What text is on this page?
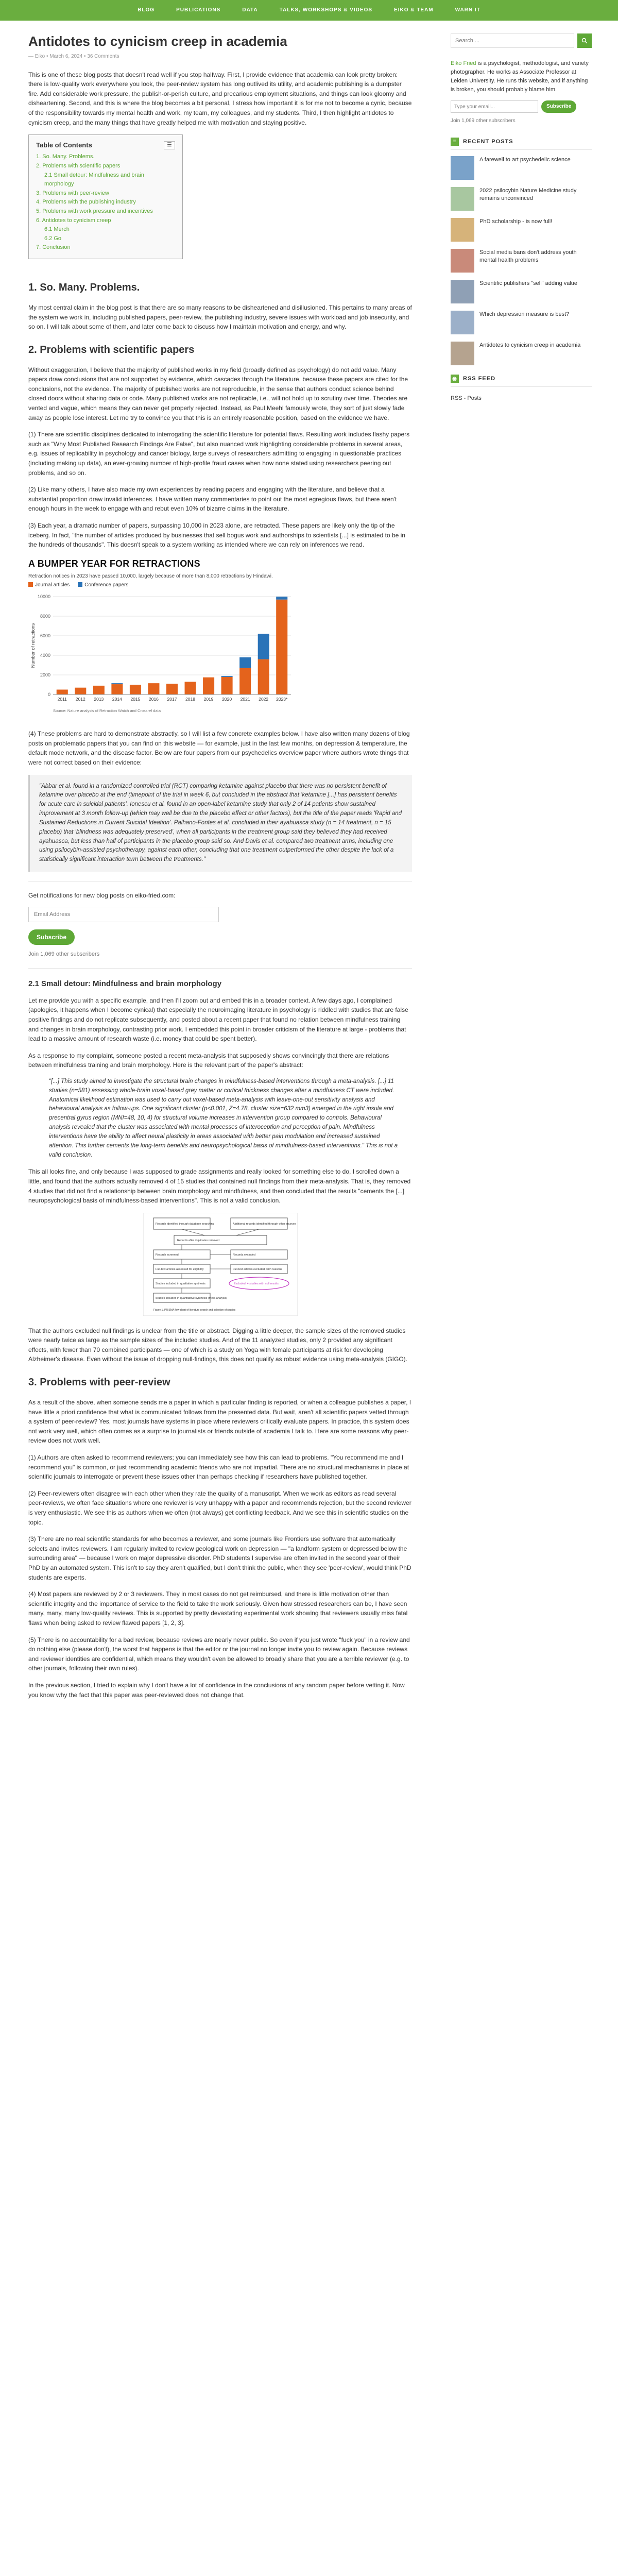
BLOG	PUBLICATIONS	DATA	TALKS, WORKSHOPS & VIDEOS	EIKO & TEAM	WARN IT
Antidotes to cynicism creep in academia
— Eiko • March 6, 2024 • 36 Comments

This is one of these blog posts that doesn't read well if you stop halfway. First, I provide evidence that academia can look pretty broken: there is low-quality work everywhere you look, the peer-review system has long outlived its utility, and academic publishing is a dumpster fire. Add considerable work pressure, the publish-or-perish culture, and precarious employment situations, and things can look gloomy and disheartening. Second, and this is where the blog becomes a bit personal, I stress how important it is for me not to become a cynic, because of the responsibility towards my mental health and work, my team, my colleagues, and my students. Third, I then highlight antidotes to cynicism creep, and the many things that have greatly helped me with motivation and staying positive.

Table of Contents	☰
1. So. Many. Problems.
2. Problems with scientific papers
2.1 Small detour: Mindfulness and brain morphology
3. Problems with peer-review
4. Problems with the publishing industry
5. Problems with work pressure and incentives
6. Antidotes to cynicism creep
6.1 Merch
6.2 Go
7. Conclusion
1. So. Many. Problems.

My most central claim in the blog post is that there are so many reasons to be disheartened and disillusioned. This pertains to many areas of the system we work in, including published papers, peer-review, the publishing industry, severe issues with workload and job insecurity, and so on. I will talk about some of them, and later come back to discuss how I maintain motivation and energy, and why.

2. Problems with scientific papers

Without exaggeration, I believe that the majority of published works in my field (broadly defined as psychology) do not add value. Many papers draw conclusions that are not supported by evidence, which cascades through the literature, because these papers are cited for the conclusions, not the evidence. The majority of published works are not reproducible, in the sense that authors conduct science behind closed doors without sharing data or code. Many published works are not replicable, i.e., will not hold up to scrutiny over time. Theories are vented and vague, which means they can never get properly rejected. Instead, as Paul Meehl famously wrote, they sort of just slowly fade away as people lose interest. Let me try to convince you that this is an entirely reasonable position, based on the evidence we have.

(1) There are scientific disciplines dedicated to interrogating the scientific literature for potential flaws. Resulting work includes flashy papers such as "Why Most Published Research Findings Are False", but also nuanced work highlighting considerable problems in several areas, e.g. issues of replicability in psychology and cancer biology, large surveys of researchers admitting to engaging in questionable practices (including making up data), an ever-growing number of high-profile fraud cases when how none stated using researchers peering out problems, and so on.

(2) Like many others, I have also made my own experiences by reading papers and engaging with the literature, and believe that a substantial proportion draw invalid inferences. I have written many commentaries to point out the most egregious flaws, but there aren't enough hours in the week to engage with and rebut even 10% of bizarre claims in the literature.

(3) Each year, a dramatic number of papers, surpassing 10,000 in 2023 alone, are retracted. These papers are likely only the tip of the iceberg. In fact, "the number of articles produced by businesses that sell bogus work and authorships to scientists [...] is estimated to be in the hundreds of thousands". This doesn't speak to a system working as intended where we can rely on inferences we read.

A BUMPER YEAR FOR RETRACTIONS
Retraction notices in 2023 have passed 10,000, largely because of more than 8,000 retractions by Hindawi.
Journal articles	Conference papers
0
2000
4000
6000
8000
10000
Number of retractions
2011 2012 2013 2014 2015 2016 2017 2018 2019 2020 2021 2022 2023*
Source: Nature analysis of Retraction Watch and Crossref data

(4) These problems are hard to demonstrate abstractly, so I will list a few concrete examples below. I have also written many dozens of blog posts on problematic papers that you can find on this website — for example, just in the last few months, on depression & temperature, the default mode network, and the disease factor. Below are four papers from our psychedelics overview paper where authors wrote things that were not correct based on their evidence:

"Abbar et al. found in a randomized controlled trial (RCT) comparing ketamine against placebo that there was no persistent benefit of ketamine over placebo at the end (timepoint of the trial in week 6, but concluded in the abstract that 'ketamine [...] has persistent benefits for acute care in suicidal patients'. Ionescu et al. found in an open-label ketamine study that only 2 of 14 patients show sustained improvement at 3 month follow-up (which may well be due to the placebo effect or other factors), but the title of the paper reads 'Rapid and Sustained Reductions in Current Suicidal Ideation'. Palhano-Fontes et al. concluded in their ayahuasca study (n = 14 treatment, n = 15 placebo) that 'blindness was adequately preserved', when all participants in the treatment group said they believed they had received ayahuasca, but less than half of participants in the placebo group said so. And Davis et al. compared two treatment arms, including one using psilocybin-assisted psychotherapy, against each other, concluding that one treatment outperformed the other despite the lack of a statistically significant interaction term between the treatments."
Get notifications for new blog posts on eiko-fried.com:
Email Address Subscribe
Join 1,069 other subscribers
2.1 Small detour: Mindfulness and brain morphology

Let me provide you with a specific example, and then I'll zoom out and embed this in a broader context. A few days ago, I complained (apologies, it happens when I become cynical) that especially the neuroimaging literature in psychology is riddled with studies that are false positive findings and do not replicate subsequently, and posted about a recent paper that found no relation between mindfulness training and changes in brain morphology, contrasting prior work. I embedded this point in broader criticism of the literature at large - problems that lead to a massive amount of research waste (i.e. money that could be spent better).

As a response to my complaint, someone posted a recent meta-analysis that supposedly shows convincingly that there are relations between mindfulness training and brain morphology. Here is the relevant part of the paper's abstract:

"[...] This study aimed to investigate the structural brain changes in mindfulness-based interventions through a meta-analysis. [...] 11 studies (n=581) assessing whole-brain voxel-based grey matter or cortical thickness changes after a mindfulness CT were included. Anatomical likelihood estimation was used to carry out voxel-based meta-analysis with leave-one-out sensitivity analysis and behavioural analysis as follow-ups. One significant cluster (p<0.001, Z=4.78, cluster size=632 mm3) emerged in the right insula and precentral gyrus region (MNI=48, 10, 4) for structural volume increases in intervention group compared to controls. Behavioural analysis revealed that the cluster was associated with mental processes of interoception and perception of pain. Mindfulness interventions have the ability to affect neural plasticity in areas associated with better pain modulation and increased sustained attention. This further cements the long-term benefits and neuropsychological basis of mindfulness-based interventions." This is not a valid conclusion.

This all looks fine, and only because I was supposed to grade assignments and really looked for something else to do, I scrolled down a little, and found that the authors actually removed 4 of 15 studies that contained null findings from their meta-analysis. That is, they removed 4 studies that did not find a relationship between brain morphology and mindfulness, and then concluded that the results "cements the [...] neuropsychological basis of mindfulness-based interventions". This is not a valid conclusion.

Records identified through database searching	Additional records identified through other sources
Records after duplicates removed
Records screened	Records excluded
Full-text articles assessed for eligibility	Full-text articles excluded, with reasons
Studies included in qualitative synthesis	Excluded: 4 studies with null results
Studies included in quantitative synthesis (meta-analysis)
Figure 1. PRISMA flow chart of literature search and selection of studies

That the authors excluded null findings is unclear from the title or abstract. Digging a little deeper, the sample sizes of the removed studies were nearly twice as large as the sample sizes of the included studies. And of the 11 analyzed studies, only 2 provided any significant effects, with fewer than 70 combined participants — one of which is a study on Yoga with female participants at risk for developing Alzheimer's disease. Even without the issue of dropping null-findings, this does not qualify as robust evidence using meta-analysis (GIGO).

3. Problems with peer-review

As a result of the above, when someone sends me a paper in which a particular finding is reported, or when a colleague publishes a paper, I have little a priori confidence that what is communicated follows from the presented data. But wait, aren't all scientific papers vetted through a system of peer-review? Yes, most journals have systems in place where reviewers critically evaluate papers. In practice, this system does not work very well, which often comes as a surprise to journalists or friends outside of academia I talk to. Here are some reasons why peer-review does not work well.

(1) Authors are often asked to recommend reviewers; you can immediately see how this can lead to problems. "You recommend me and I recommend you" is common, or just recommending academic friends who are not impartial. There are no structural mechanisms in place at scientific journals to interrogate or prevent these issues other than perhaps checking if researchers have published together.

(2) Peer-reviewers often disagree with each other when they rate the quality of a manuscript. When we work as editors as read several peer-reviews, we often face situations where one reviewer is very unhappy with a paper and recommends rejection, but the second reviewer is very enthusiastic. We see this as authors when we often (not always) get conflicting feedback. And we see this in scientific studies on the topic.

(3) There are no real scientific standards for who becomes a reviewer, and some journals like Frontiers use software that automatically selects and invites reviewers. I am regularly invited to review geological work on depression — "a landform system or depressed below the surrounding area" — because I work on major depressive disorder. PhD students I supervise are often invited in the second year of their PhD by an automated system. This isn't to say they aren't qualified, but I don't think the public, when they see 'peer-review', would think PhD students are experts.

(4) Most papers are reviewed by 2 or 3 reviewers. They in most cases do not get reimbursed, and there is little motivation other than scientific integrity and the importance of service to the field to take the work seriously. Given how stressed researchers can be, I have seen many, many, many low-quality reviews. This is supported by pretty devastating experimental work showing that reviewers usually miss fatal flaws when being asked to review flawed papers [1, 2, 3].

(5) There is no accountability for a bad review, because reviews are nearly never public. So even if you just wrote "fuck you" in a review and do nothing else (please don't), the worst that happens is that the editor or the journal no longer invite you to review again. Because reviews and reviewer identities are confidential, which means they wouldn't even be allowed to broadly share that you are a terrible reviewer (e.g. to other journals, following their own rules).

In the previous section, I tried to explain why I don't have a lot of confidence in the conclusions of any random paper before vetting it. Now you know why the fact that this paper was peer-reviewed does not change that.

Search ...
Eiko Fried is a psychologist, methodologist, and variety photographer. He works as Associate Professor at Leiden University. He runs this website, and if anything is broken, you should probably blame him.
Type your email...
Subscribe
Join 1,069 other subscribers
≡	RECENT POSTS
A farewell to art psychedelic science
2022 psilocybin Nature Medicine study remains unconvinced
PhD scholarship - is now full!
Social media bans don't address youth mental health problems
Scientific publishers "sell" adding value
Which depression measure is best?
Antidotes to cynicism creep in academia
◉ RSS FEED
RSS - Posts
